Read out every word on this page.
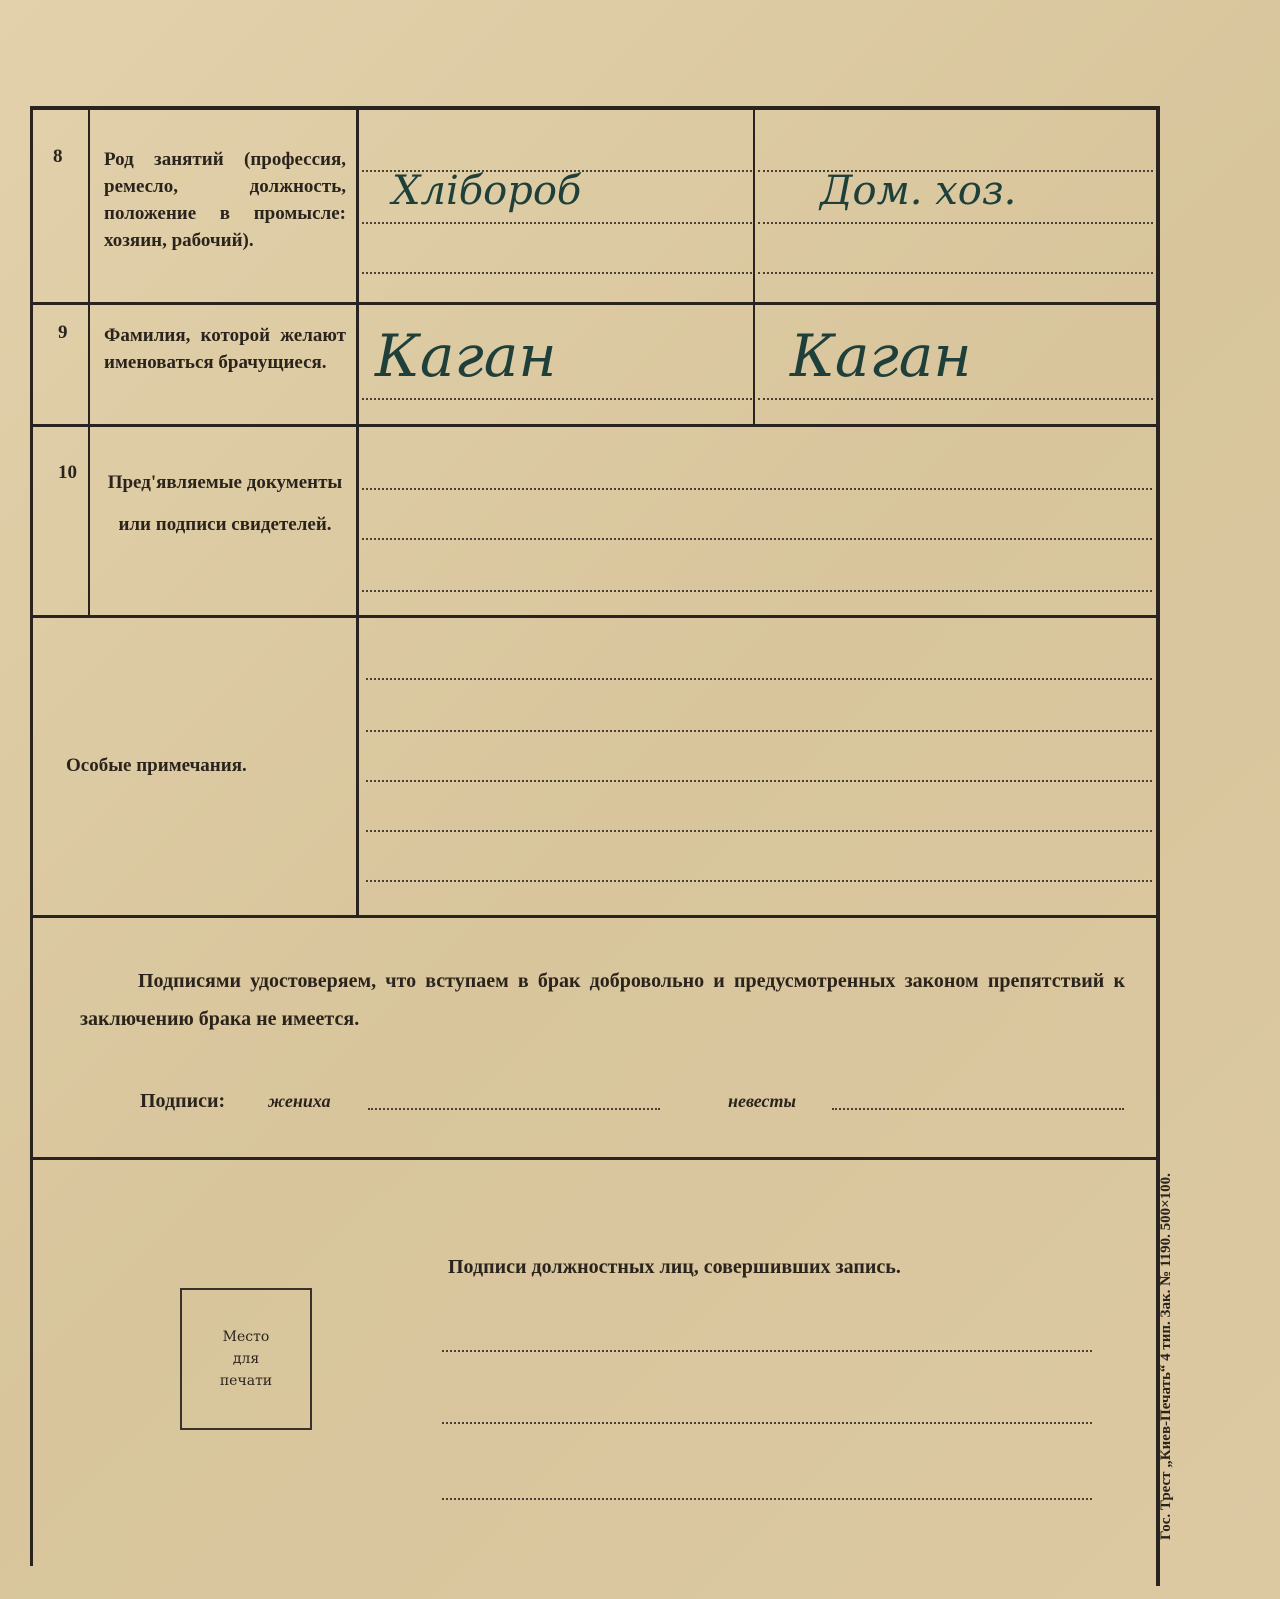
8 Род занятий (профессия, ремесло, должность, положение в промысле: хозяин, рабочий).
Хлібороб	Дом. хоз.
9 Фамилия, которой желают именоваться брачущиеся. Каган	Каган
10 Пред'являемые документы или подписи свидетелей.
Особые примечания.
Подписями удостоверяем, что вступаем в брак добровольно и предусмотренных законом препятствий к заключению брака не имеется.
Подписи: жениха	невесты
Подписи должностных лиц, совершивших запись.
Место для печати	Гос. Трест „Киев-Печать“ 4 тип. Зак. № 1190. 500×100.
